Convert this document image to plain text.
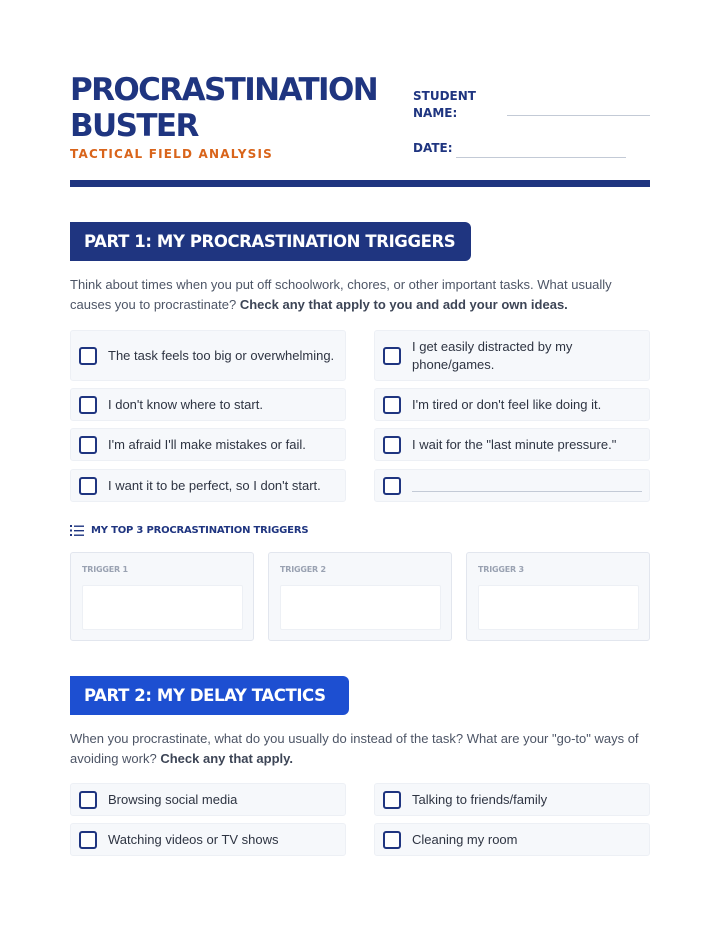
PROCRASTINATION
BUSTER
TACTICAL FIELD ANALYSIS
STUDENT
NAME:
DATE:
PART 1: MY PROCRASTINATION TRIGGERS
Think about times when you put off schoolwork, chores, or other important tasks. What usually causes you to procrastinate? Check any that apply to you and add your own ideas.
The task feels too big or overwhelming.
I get easily distracted by my phone/games.
I don't know where to start.	I'm tired or don't feel like doing it.
I'm afraid I'll make mistakes or fail.	I wait for the "last minute pressure."
I want it to be perfect, so I don't start.
MY TOP 3 PROCRASTINATION TRIGGERS
TRIGGER 1	TRIGGER 2	TRIGGER 3
PART 2: MY DELAY TACTICS
When you procrastinate, what do you usually do instead of the task? What are your "go-to" ways of avoiding work? Check any that apply.
Browsing social media	Talking to friends/family
Watching videos or TV shows	Cleaning my room
